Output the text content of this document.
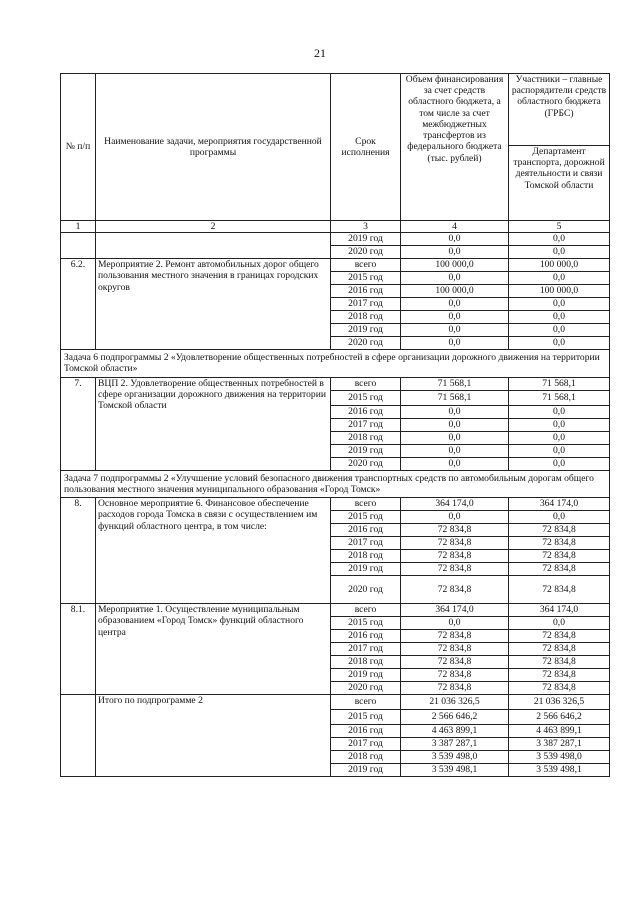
21
№ п/п	Наименование задачи, мероприятия государственной программы	Срок исполнения	Объем финансирования за счет средств областного бюджета, а том числе за счет межбюджетных трансфертов из федерального бюджета (тыс. рублей)	Участники – главные распорядители средств областного бюджета (ГРБС)
				Департамент транспорта, дорожной деятельности и связи Томской области
1	2	3	4	5
		2019 год	0,0	0,0
		2020 год	0,0	0,0
6.2.	Мероприятие 2. Ремонт автомобильных дорог общего пользования местного значения в границах городских округов	всего	100 000,0	100 000,0
		2015 год	0,0	0,0
		2016 год	100 000,0	100 000,0
		2017 год	0,0	0,0
		2018 год	0,0	0,0
		2019 год	0,0	0,0
		2020 год	0,0	0,0
Задача 6 подпрограммы 2 «Удовлетворение общественных потребностей в сфере организации дорожного движения на территории Томской области»				
7.	ВЦП 2. Удовлетворение общественных потребностей в сфере организации дорожного движения на территории Томской области	всего	71 568,1	71 568,1
		2015 год	71 568,1	71 568,1
		2016 год	0,0	0,0
		2017 год	0,0	0,0
		2018 год	0,0	0,0
		2019 год	0,0	0,0
		2020 год	0,0	0,0
Задача 7 подпрограммы 2 «Улучшение условий безопасного движения транспортных средств по автомобильным дорогам общего пользования местного значения муниципального образования «Город Томск»				
8.	Основное мероприятие 6. Финансовое обеспечение расходов города Томска в связи с осуществлением им функций областного центра, в том числе:	всего	364 174,0	364 174,0
		2015 год	0,0	0,0
		2016 год	72 834,8	72 834,8
		2017 год	72 834,8	72 834,8
		2018 год	72 834,8	72 834,8
		2019 год	72 834,8	72 834,8
		2020 год	72 834,8	72 834,8
8.1.	Мероприятие 1. Осуществление муниципальным образованием «Город Томск» функций областного центра	всего	364 174,0	364 174,0
		2015 год	0,0	0,0
		2016 год	72 834,8	72 834,8
		2017 год	72 834,8	72 834,8
		2018 год	72 834,8	72 834,8
		2019 год	72 834,8	72 834,8
		2020 год	72 834,8	72 834,8
	Итого по подпрограмме 2	всего	21 036 326,5	21 036 326,5
		2015 год	2 566 646,2	2 566 646,2
		2016 год	4 463 899,1	4 463 899,1
		2017 год	3 387 287,1	3 387 287,1
		2018 год	3 539 498,0	3 539 498,0
		2019 год	3 539 498,1	3 539 498,1
